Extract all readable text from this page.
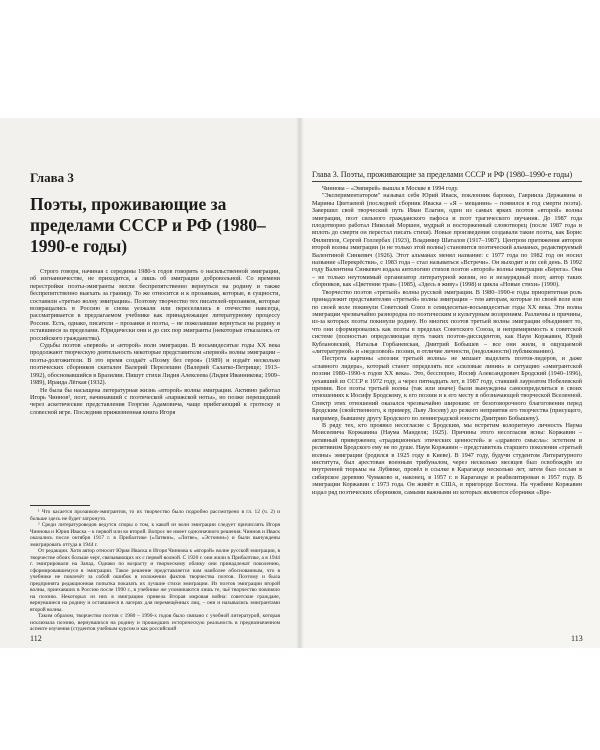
Глава 3
Поэты, проживающие за пределами СССР и РФ (1980–1990-е годы)

Строго говоря, начиная с середины 1980-х годов говорить о насильственной эмиграции, об изгнанничестве, не приходится, а лишь об эмиграции добровольной. Со времени перестройки поэты-эмигранты могли беспрепятственно вернуться на родину и также беспрепятственно выехать за границу. То же относится и к прозаикам, которые, в сущности, составили «третью волну эмиграции». Поэтому творчество тех писателей-прозаиков, которые возвращались в Россию и снова уезжали или переселялись в отечество навсегда, рассматривается в предлагаемом учебнике как принадлежащее литературному процессу России. Есть, однако, писатели – прозаики и поэты, – не пожелавшие вернуться на родину и оставшиеся за пределами. Юридически они и до сих пор эмигранты (некоторые отказались от российского гражданства).

Судьбы поэтов «первой» и «второй» волн эмиграции. В восьмидесятые годы XX века продолжают творческую деятельность некоторые представители «первой» волны эмиграции – поэты-долгожители. В это время создаёт «Поэму без героя» (1989) и издаёт несколько поэтических сборников скитален Валерий Перелешин (Валерий Салатко-Петрище; 1913–1992), обосновавшийся в Бразилии. Пишут стихи Лидия Алексеева (Лидия Иванникова; 1909–1989), Ираида Лёгкая (1932).

Не была бы насыщена литературная жизнь «второй» волны эмиграции. Активно работал Игорь Чиннов¹, поэт, начинавший с поэтической «парижской ноты», но позже перешедший через аскетические представления Георгия Адамовича, чаще прибегающий к гротеску и словесной игре. Последняя прижизненная книга Игоря

¹ Что касается прозаиков-эмигрантов, то их творчество было подробно рассмотрено в гл. 12 (ч. 2) и больше здесь не будет затронуто.

² Среди литературоведов ведутся споры о том, к какой из волн эмиграции следует причислять Игоря Чиннова и Юрия Иваска – к первой или ко второй. Вопрос не имеет однозначного решения. Чиннов и Иваск оказались после октября 1917 г. в Прибалтике («Латвии», «Литве», «Эстонии») и были вынуждены эмигрировать оттуда в 1944 г.

От редакции. Хотя автор относит Юрия Иваска и Игоря Чиннова к «второй» волне русской эмиграции, в творчестве обоих больше черт, связывающих их с первой волной. С 1920 г. они жили в Прибалтике, а в 1944 г. эмигрировали на Запад. Однако по возрасту и творческому облику они принадлежат поколению, сформировавшемуся в эмиграции. Такое решение представляется нам наиболее обоснованным, что в учебнике не повлечёт за собой ошибок в изложении фактов творчества поэтов. Поэтому и была предпринята редакционная попытка показать их лучшие стихи эмиграции. Из поэтов эмиграции второй волны, приехавших в Россию после 1990 г., в учебнике же упоминаются лишь те, чьё творчество повлияло на поэзию. Некоторых из них в эмиграцию привела Вторая мировая война: советские граждане, вернувшиеся на родину и оставшиеся в лагерях для перемещённых лиц, – они и назывались эмигрантами второй волны.

Таким образом, творчество поэтов с 1980 – 1990-х годов было связано с учебной литературой, которая исключала поэзию, вернувшихся на родину и прошедших историческую реальность в предназначенном аспекте изучения (студентов учебным курсом и как российский

112
Глава 3. Поэты, проживающие за пределами СССР и РФ (1980–1990-е годы)

Чиннова – «Эмпирей» вышла в Москве в 1994 году.

"Экспериментатором" называл себя Юрий Иваск, поклонник барокко, Гавриила Державина и Марины Цветаевой (последней сборник Иваска – «Я – мещанин» – появился в год смерти поэта). Завершил свой творческий путь Иван Елагин, один из самых ярких поэтов «второй» волны эмиграции, поэт сильного гражданского пафоса и поэт трагического звучания. До 1987 года плодотворно работал Николай Моршен, мудрый и восторженный словотворец (после 1987 года и вплоть до смерти он перестал писать стихи). Новые произведения создавали такие поэты, как Борис Филиппов, Сергей Голлербах (1923), Владимир Шаталов (1917–1987). Центром притяжения авторов второй волны эмиграции (и не только этой волны) становится поэтический альманах, редактируемый Валентиной Синкевич (1926). Этот альманах менял название: с 1977 года по 1982 год он носил название «Перекрёстки», с 1983 года – стал называться «Встречи». Он выходит и по сей день. В 1992 году Валентина Синкевич издала антологию стихов поэтов «второй» волны эмиграции «Берега». Она – не только неутомимый организатор литературной жизни, но и незаурядный поэт, автор таких сборников, как «Цветение трав» (1985), «Здесь я живу» (1998) и цикла «Новые стихи» (1990).

Творчество поэтов «третьей» волны русской эмиграции. В 1980–1990-е годы приоритетная роль принадлежит представителям «третьей» волны эмиграции – тем авторам, которые по своей воле или по своей воле покинули Советский Союз в семидесятые-восьмидесятые годы XX века. Эти волна эмиграции чрезвычайно разнородна по поэтическим и культурным воззрениям. Различны и причины, из-за которых поэты покинули родину. Но многих поэтов третьей волны эмиграции объединяет то, что они сформировались как поэты в пределах Советского Союза, и непримиримость к советской системе (полностью определяющая путь таких поэтов-диссидентов, как Наум Коржавин, Юрий Кублановский, Наталья Горбаневская, Дмитрий Бобышев – все они жили, в ощущаемой «литературной» и «неделовой» поэзии, в отличие личности, (недолжности) публикованию).

Пестрота картины «поэзии третьей волны» не мешает выделить поэтов-лидеров, и даже «главного лидера», который станет определять все «силовые линии» и ситуацию «эмигрантской поэзии 1980–1990-х годов XX века». Это, бесспорно, Иосиф Александрович Бродский (1940–1996), уехавший из СССР в 1972 году, а через пятнадцать лет, в 1987 году, ставший лауреатом Нобелевской премии. Все поэты третьей волны (так или иначе) были вынуждены самоопределиться в своих отношениях к Иосифу Бродскому, к его поэзии и к его месту в обозначающей творческой Вселенной. Спектр этих отношений оказался чрезвычайно широким: от безоговорочного благоговения перед Бродским (свойственного, к примеру, Льву Лосеву) до резкого неприятия его творчества (присущего, например, бывшему другу Бродского по ленинградской юности Дмитрию Бобышеву).

В ряду тех, кто проявил несогласие с Бродским, мы встретим колоритную личность Наума Моисеевича Коржавина (Наума Манделя; 1925). Причины этого несогласия ясны: Коржавин – активный приверженец «традиционных этических ценностей» и «здравого смысла»: эстетизм и релятивизм Бродского ему не по душе. Наум Коржавин – представитель старшего поколения «третьей волны» эмиграции (родился в 1925 году в Киеве). В 1947 году, будучи студентом Литературного института, был арестован военным трибуналом, через несколько месяцев был освобождён из внутренней тюрьмы на Лубянке, провёл в ссылке в Караганде несколько лет, затем был сослан в сибирское деревню Чумаково и, наконец, в 1957 г. в Караганде и реабилитирован в 1957 году. В эмиграции Коржавин с 1973 года. Он живёт в США, в пригороде Бостона. На чужбине Коржавин издал ряд поэтических сборников, самыми важными из которых являются сборники «Вре-

113
